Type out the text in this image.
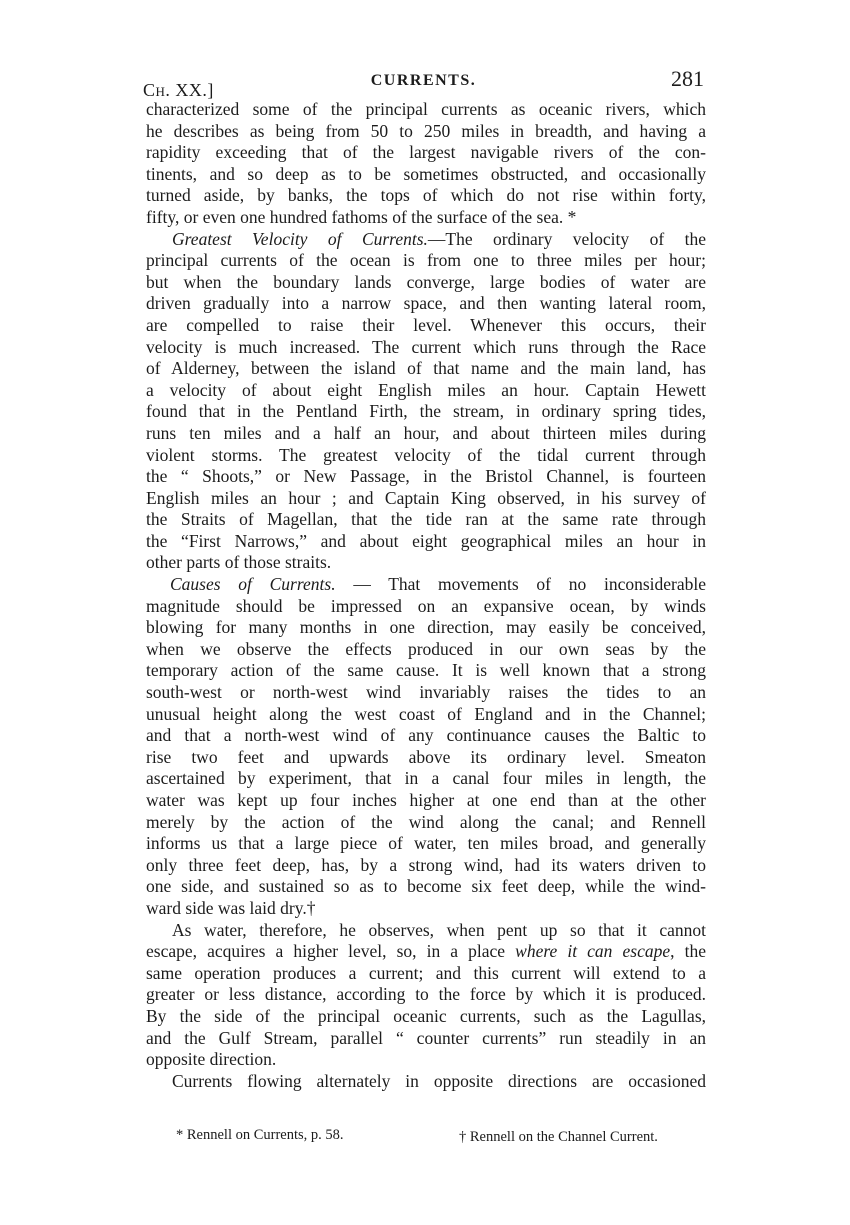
Ch. XX.]	CURRENTS.	281
characterized some of the principal currents as oceanic rivers, which
he describes as being from 50 to 250 miles in breadth, and having a
rapidity exceeding that of the largest navigable rivers of the con-
tinents, and so deep as to be sometimes obstructed, and occasionally
turned aside, by banks, the tops of which do not rise within forty,
fifty, or even one hundred fathoms of the surface of the sea. *
Greatest Velocity of Currents.—The ordinary velocity of the
principal currents of the ocean is from one to three miles per hour;
but when the boundary lands converge, large bodies of water are
driven gradually into a narrow space, and then wanting lateral room,
are compelled to raise their level. Whenever this occurs, their
velocity is much increased. The current which runs through the Race
of Alderney, between the island of that name and the main land, has
a velocity of about eight English miles an hour. Captain Hewett
found that in the Pentland Firth, the stream, in ordinary spring tides,
runs ten miles and a half an hour, and about thirteen miles during
violent storms. The greatest velocity of the tidal current through
the “ Shoots,” or New Passage, in the Bristol Channel, is fourteen
English miles an hour ; and Captain King observed, in his survey of
the Straits of Magellan, that the tide ran at the same rate through
the “First Narrows,” and about eight geographical miles an hour in
other parts of those straits.
Causes of Currents. — That movements of no inconsiderable
magnitude should be impressed on an expansive ocean, by winds
blowing for many months in one direction, may easily be conceived,
when we observe the effects produced in our own seas by the
temporary action of the same cause. It is well known that a strong
south-west or north-west wind invariably raises the tides to an
unusual height along the west coast of England and in the Channel;
and that a north-west wind of any continuance causes the Baltic to
rise two feet and upwards above its ordinary level. Smeaton
ascertained by experiment, that in a canal four miles in length, the
water was kept up four inches higher at one end than at the other
merely by the action of the wind along the canal; and Rennell
informs us that a large piece of water, ten miles broad, and generally
only three feet deep, has, by a strong wind, had its waters driven to
one side, and sustained so as to become six feet deep, while the wind-
ward side was laid dry.†
As water, therefore, he observes, when pent up so that it cannot
escape, acquires a higher level, so, in a place where it can escape, the
same operation produces a current; and this current will extend to a
greater or less distance, according to the force by which it is produced.
By the side of the principal oceanic currents, such as the Lagullas,
and the Gulf Stream, parallel “ counter currents” run steadily in an
opposite direction.
Currents flowing alternately in opposite directions are occasioned
* Rennell on Currents, p. 58.	† Rennell on the Channel Current.
